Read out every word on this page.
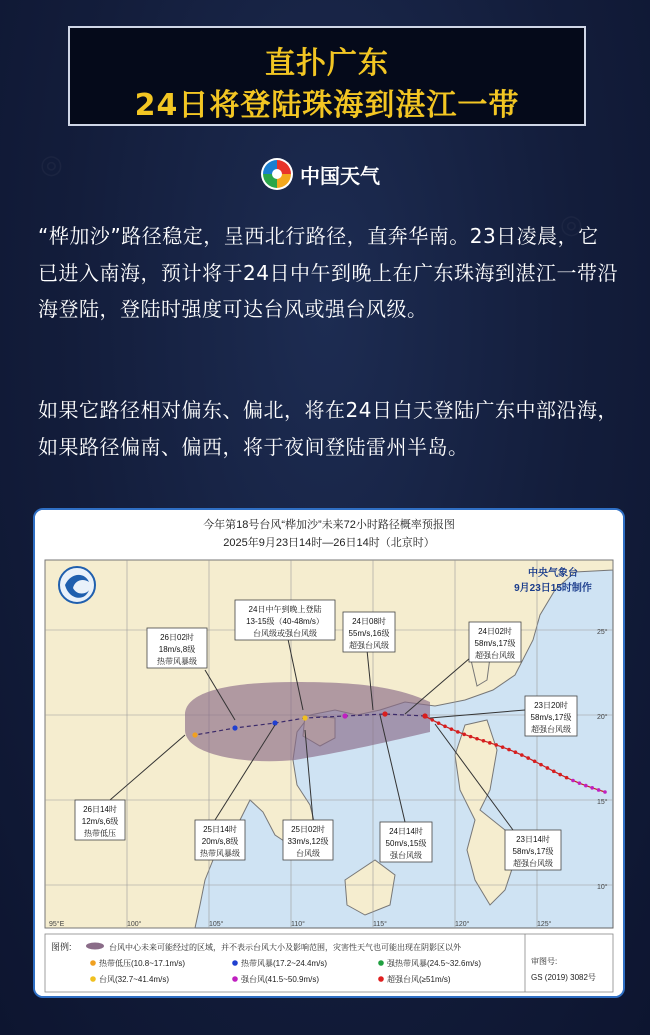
直扑广东
24日将登陆珠海到湛江一带
中国天气
“桦加沙”路径稳定，呈西北行路径，直奔华南。23日凌晨，它已进入南海，预计将于24日中午到晚上在广东珠海到湛江一带沿海登陆，登陆时强度可达台风或强台风级。
如果它路径相对偏东、偏北，将在24日白天登陆广东中部沿海，如果路径偏南、偏西，将于夜间登陆雷州半岛。
今年第18号台风“桦加沙”未来72小时路径概率预报图
2025年9月23日14时—26日14时（北京时）
中央气象台
9月23日15时制作
24日中午到晚上登陆
13-15级（40-48m/s）
台风级或强台风级
24日08时
55m/s,16级
超强台风级
24日02时
58m/s,17级
超强台风级
26日02时
18m/s,8级
热带风暴级
23日20时
58m/s,17级
超强台风级
26日14时
12m/s,6级
热带低压	25日14时
20m/s,8级
热带风暴级
25日02时
33m/s,12级
台风级
24日14时
50m/s,15级
强台风级
23日14时
58m/s,17级
超强台风级
95°E	100°	105°	110°	115°	120°	125°
25°
20°
15°
10°
图例:	台风中心未来可能经过的区域，并不表示台风大小及影响范围，灾害性天气也可能出现在阴影区以外
热带低压(10.8~17.1m/s)	热带风暴(17.2~24.4m/s)	强热带风暴(24.5~32.6m/s)
台风(32.7~41.4m/s)	强台风(41.5~50.9m/s)	超强台风(≥51m/s)
审图号:
GS (2019) 3082号
